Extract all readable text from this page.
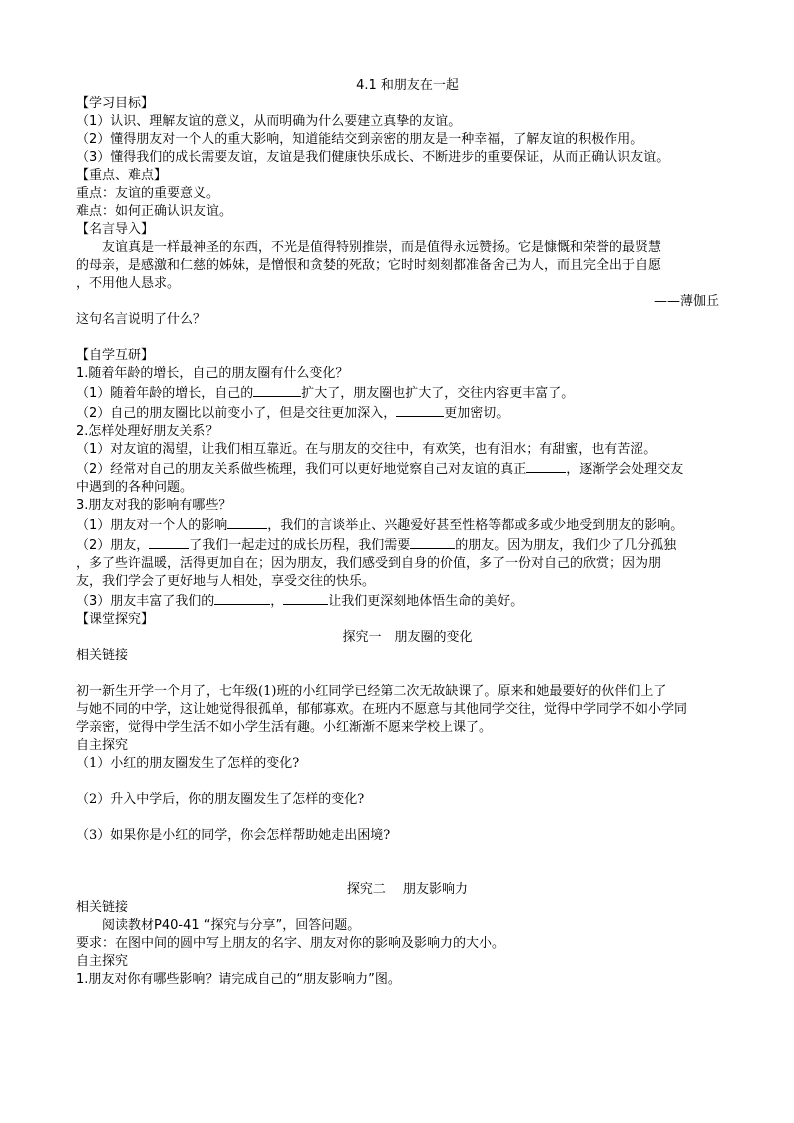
4.1 和朋友在一起
【学习目标】
（1）认识、理解友谊的意义，从而明确为什么要建立真挚的友谊。
（2）懂得朋友对一个人的重大影响，知道能结交到亲密的朋友是一种幸福，了解友谊的积极作用。
（3）懂得我们的成长需要友谊，友谊是我们健康快乐成长、不断进步的重要保证，从而正确认识友谊。
【重点、难点】
重点：友谊的重要意义。
难点：如何正确认识友谊。
【名言导入】
友谊真是一样最神圣的东西，不光是值得特别推崇，而是值得永远赞扬。它是慷慨和荣誉的最贤慧
的母亲，是感激和仁慈的姊妹，是憎恨和贪婪的死敌；它时时刻刻都准备舍己为人，而且完全出于自愿
，不用他人恳求。
——薄伽丘
这句名言说明了什么？
【自学互研】
1.随着年龄的增长，自己的朋友圈有什么变化？
（1）随着年龄的增长，自己的	扩大了，朋友圈也扩大了，交往内容更丰富了。
（2）自己的朋友圈比以前变小了，但是交往更加深入，	更加密切。
2.怎样处理好朋友关系？
（1）对友谊的渴望，让我们相互靠近。在与朋友的交往中，有欢笑，也有泪水；有甜蜜，也有苦涩。
（2）经常对自己的朋友关系做些梳理，我们可以更好地觉察自己对友谊的真正	，逐渐学会处理交友
中遇到的各种问题。
3.朋友对我的影响有哪些？
（1）朋友对一个人的影响	，我们的言谈举止、兴趣爱好甚至性格等都或多或少地受到朋友的影响。
（2）朋友，	了我们一起走过的成长历程，我们需要	的朋友。因为朋友，我们少了几分孤独
，多了些许温暖，活得更加自在；因为朋友，我们感受到自身的价值，多了一份对自己的欣赏；因为朋
友，我们学会了更好地与人相处，享受交往的快乐。
（3）朋友丰富了我们的	，	让我们更深刻地体悟生命的美好。
【课堂探究】
探究一　朋友圈的变化
相关链接
初一新生开学一个月了，七年级(1)班的小红同学已经第二次无故缺课了。原来和她最要好的伙伴们上了
与她不同的中学，这让她觉得很孤单，郁郁寡欢。在班内不愿意与其他同学交往，觉得中学同学不如小学同
学亲密，觉得中学生活不如小学生活有趣。小红渐渐不愿来学校上课了。
自主探究
（1）小红的朋友圈发生了怎样的变化?
（2）升入中学后，你的朋友圈发生了怎样的变化?
（3）如果你是小红的同学，你会怎样帮助她走出困境?
探究二　 朋友影响力
相关链接
阅读教材P40-41 “探究与分享”，回答问题。
要求：在图中间的圆中写上朋友的名字、朋友对你的影响及影响力的大小。
自主探究
1.朋友对你有哪些影响？请完成自己的“朋友影响力”图。
